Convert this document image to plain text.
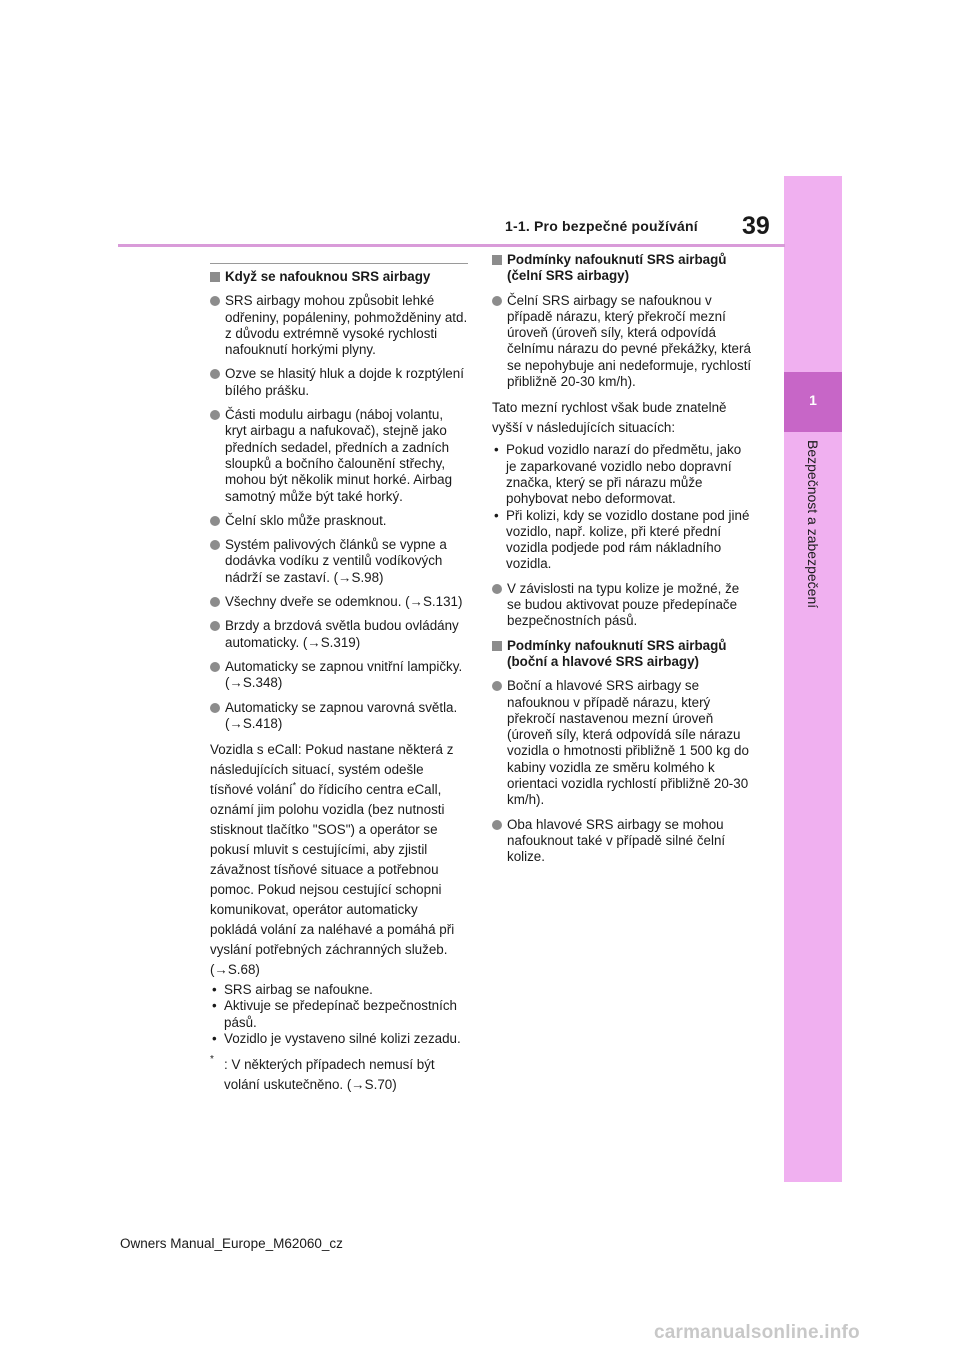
1
Bezpečnost a zabezpečení
1-1. Pro bezpečné používání 39
Když se nafouknou SRS airbagy
SRS airbagy mohou způsobit lehké odřeniny, popáleniny, pohmožděniny atd. z důvodu extrémně vysoké rychlosti nafouknutí horkými plyny.
Ozve se hlasitý hluk a dojde k rozptýlení bílého prášku.
Části modulu airbagu (náboj volantu, kryt airbagu a nafukovač), stejně jako předních sedadel, předních a zadních sloupků a bočního čalounění střechy, mohou být několik minut horké. Airbag samotný může být také horký.
Čelní sklo může prasknout.
Systém palivových článků se vypne a dodávka vodíku z ventilů vodíkových nádrží se zastaví. (→S.98)
Všechny dveře se odemknou. (→S.131)
Brzdy a brzdová světla budou ovládány automaticky. (→S.319)
Automaticky se zapnou vnitřní lampičky. (→S.348)
Automaticky se zapnou varovná světla. (→S.418)

Vozidla s eCall: Pokud nastane některá z následujících situací, systém odešle tísňové volání* do řídicího centra eCall, oznámí jim polohu vozidla (bez nutnosti stisknout tlačítko "SOS") a operátor se pokusí mluvit s cestujícími, aby zjistil závažnost tísňové situace a potřebnou pomoc. Pokud nejsou cestující schopni komunikovat, operátor automaticky pokládá volání za naléhavé a pomáhá při vyslání potřebných záchranných služeb. (→S.68)

• SRS airbag se nafoukne.
• Aktivuje se předepínač bezpečnostních pásů.
• Vozidlo je vystaveno silné kolizi zezadu.

* : V některých případech nemusí být volání uskutečněno. (→S.70)

Podmínky nafouknutí SRS airbagů (čelní SRS airbagy)
Čelní SRS airbagy se nafouknou v případě nárazu, který překročí mezní úroveň (úroveň síly, která odpovídá čelnímu nárazu do pevné překážky, která se nepohybuje ani nedeformuje, rychlostí přibližně 20-30 km/h).

Tato mezní rychlost však bude znatelně vyšší v následujících situacích:

• Pokud vozidlo narazí do předmětu, jako je zaparkované vozidlo nebo dopravní značka, který se při nárazu může pohybovat nebo deformovat.
• Při kolizi, kdy se vozidlo dostane pod jiné vozidlo, např. kolize, při které přední vozidla podjede pod rám nákladního vozidla.
V závislosti na typu kolize je možné, že se budou aktivovat pouze předepínače bezpečnostních pásů.
Podmínky nafouknutí SRS airbagů (boční a hlavové SRS airbagy)
Boční a hlavové SRS airbagy se nafouknou v případě nárazu, který překročí nastavenou mezní úroveň (úroveň síly, která odpovídá síle nárazu vozidla o hmotnosti přibližně 1 500 kg do kabiny vozidla ze směru kolmého k orientaci vozidla rychlostí přibližně 20-30 km/h).
Oba hlavové SRS airbagy se mohou nafouknout také v případě silné čelní kolize.
Owners Manual_Europe_M62060_cz
carmanualsonline.info
